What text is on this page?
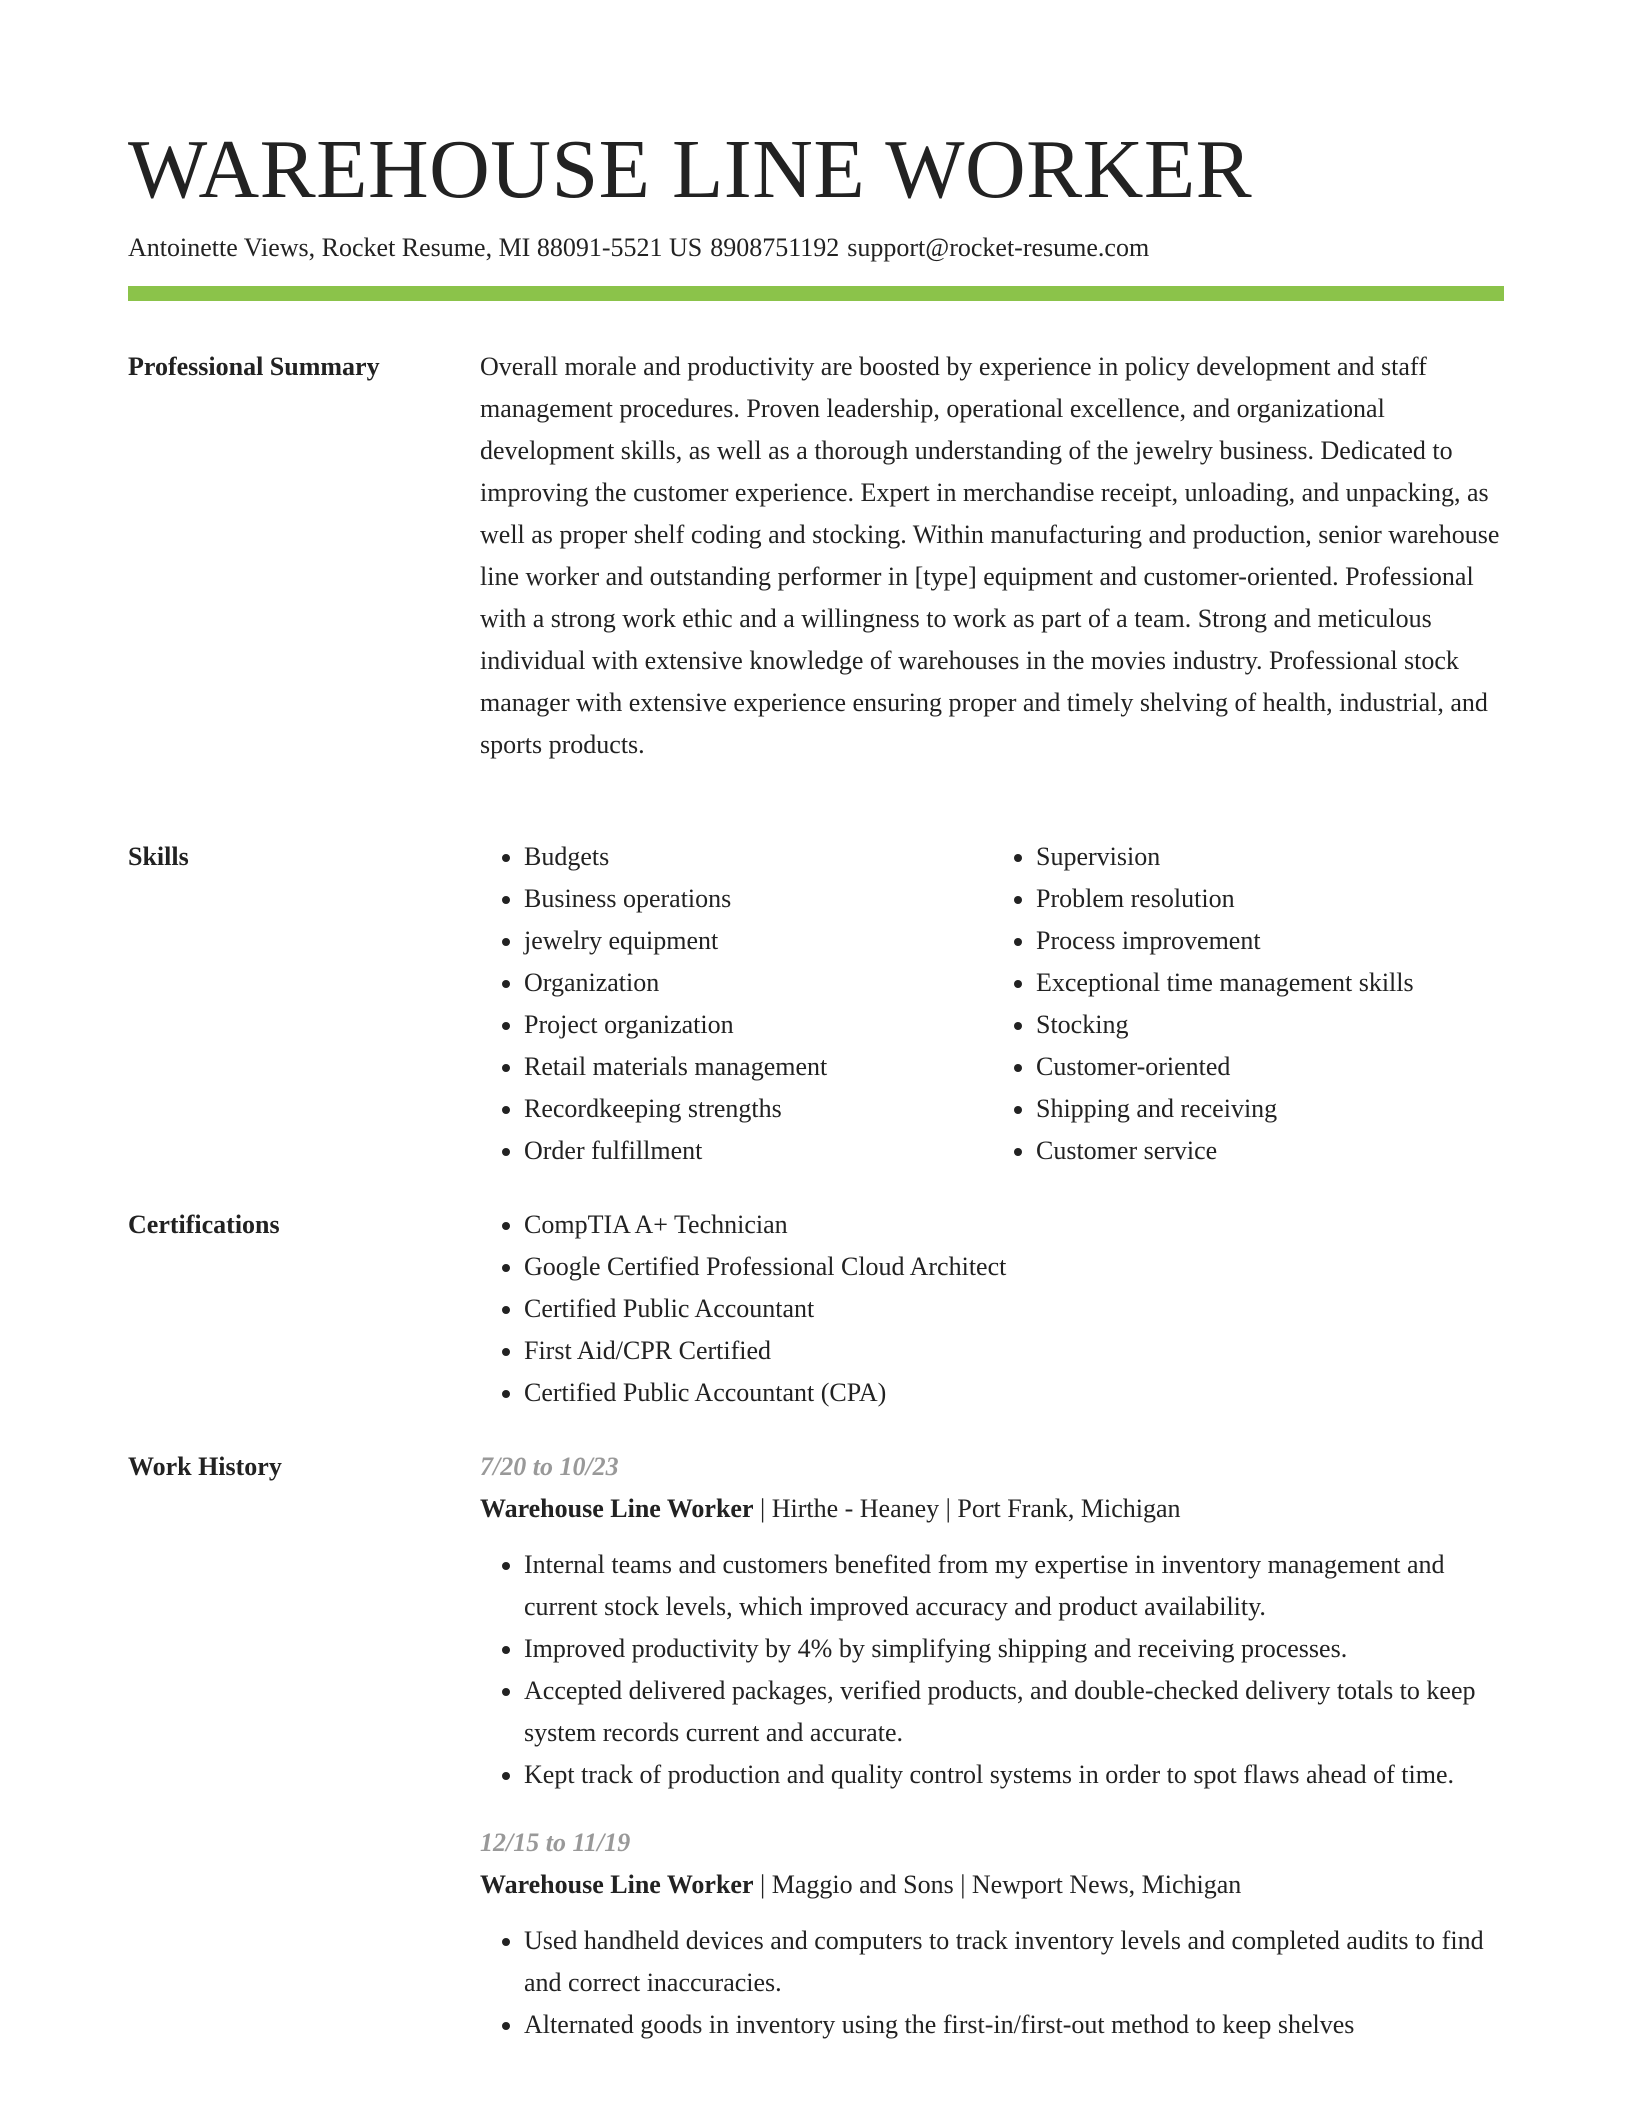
WAREHOUSE LINE WORKER
Antoinette Views, Rocket Resume, MI 88091-5521 US 8908751192 support@rocket-resume.com
Professional Summary	Overall morale and productivity are boosted by experience in policy development and staff management procedures. Proven leadership, operational excellence, and organizational development skills, as well as a thorough understanding of the jewelry business. Dedicated to improving the customer experience. Expert in merchandise receipt, unloading, and unpacking, as well as proper shelf coding and stocking. Within manufacturing and production, senior warehouse line worker and outstanding performer in [type] equipment and customer-oriented. Professional with a strong work ethic and a willingness to work as part of a team. Strong and meticulous individual with extensive knowledge of warehouses in the movies industry. Professional stock manager with extensive experience ensuring proper and timely shelving of health, industrial, and sports products.

Skills	• Budgets
• Business operations
• jewelry equipment
• Organization
• Project organization
• Retail materials management
• Recordkeeping strengths
• Order fulfillment
• Supervision
• Problem resolution
• Process improvement
• Exceptional time management skills
• Stocking
• Customer-oriented
• Shipping and receiving
• Customer service
Certifications	• CompTIA A+ Technician
• Google Certified Professional Cloud Architect
• Certified Public Accountant
• First Aid/CPR Certified
• Certified Public Accountant (CPA)
Work History	7/20 to 10/23
Warehouse Line Worker | Hirthe - Heaney | Port Frank, Michigan
• Internal teams and customers benefited from my expertise in inventory management and current stock levels, which improved accuracy and product availability.
• Improved productivity by 4% by simplifying shipping and receiving processes.
• Accepted delivered packages, verified products, and double-checked delivery totals to keep system records current and accurate.
• Kept track of production and quality control systems in order to spot flaws ahead of time.
12/15 to 11/19
Warehouse Line Worker | Maggio and Sons | Newport News, Michigan
• Used handheld devices and computers to track inventory levels and completed audits to find and correct inaccuracies.
• Alternated goods in inventory using the first-in/first-out method to keep shelves
